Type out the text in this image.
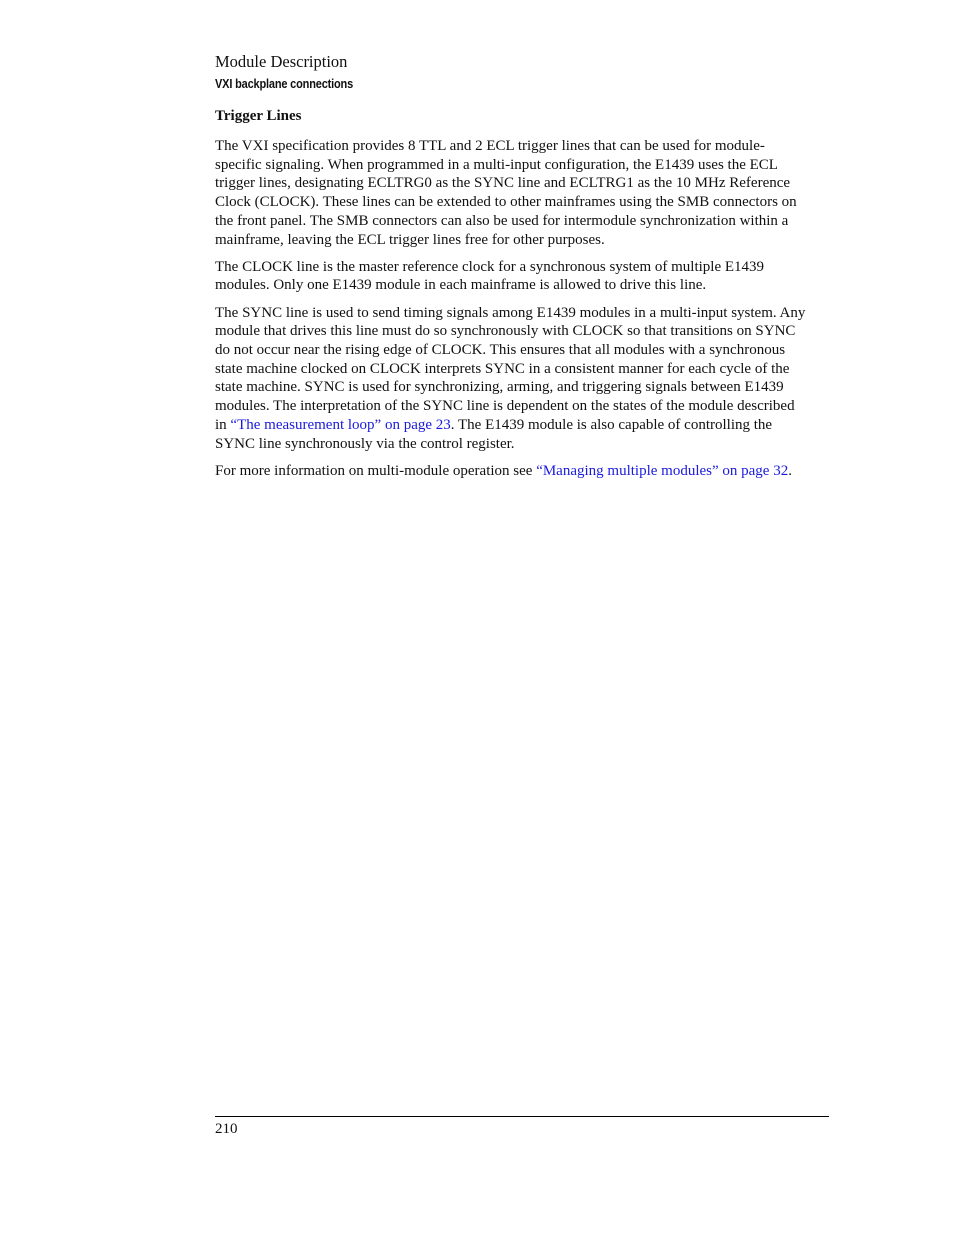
Module Description
VXI backplane connections
Trigger Lines

The VXI specification provides 8 TTL and 2 ECL trigger lines that can be used for module-
specific signaling. When programmed in a multi-input configuration, the E1439 uses the ECL
trigger lines, designating ECLTRG0 as the SYNC line and ECLTRG1 as the 10 MHz Reference
Clock (CLOCK). These lines can be extended to other mainframes using the SMB connectors on
the front panel. The SMB connectors can also be used for intermodule synchronization within a
mainframe, leaving the ECL trigger lines free for other purposes.

The CLOCK line is the master reference clock for a synchronous system of multiple E1439
modules. Only one E1439 module in each mainframe is allowed to drive this line.

The SYNC line is used to send timing signals among E1439 modules in a multi-input system. Any
module that drives this line must do so synchronously with CLOCK so that transitions on SYNC
do not occur near the rising edge of CLOCK. This ensures that all modules with a synchronous
state machine clocked on CLOCK interprets SYNC in a consistent manner for each cycle of the
state machine. SYNC is used for synchronizing, arming, and triggering signals between E1439
modules. The interpretation of the SYNC line is dependent on the states of the module described
in “The measurement loop” on page 23. The E1439 module is also capable of controlling the
SYNC line synchronously via the control register.

For more information on multi-module operation see “Managing multiple modules” on page 32.

210
